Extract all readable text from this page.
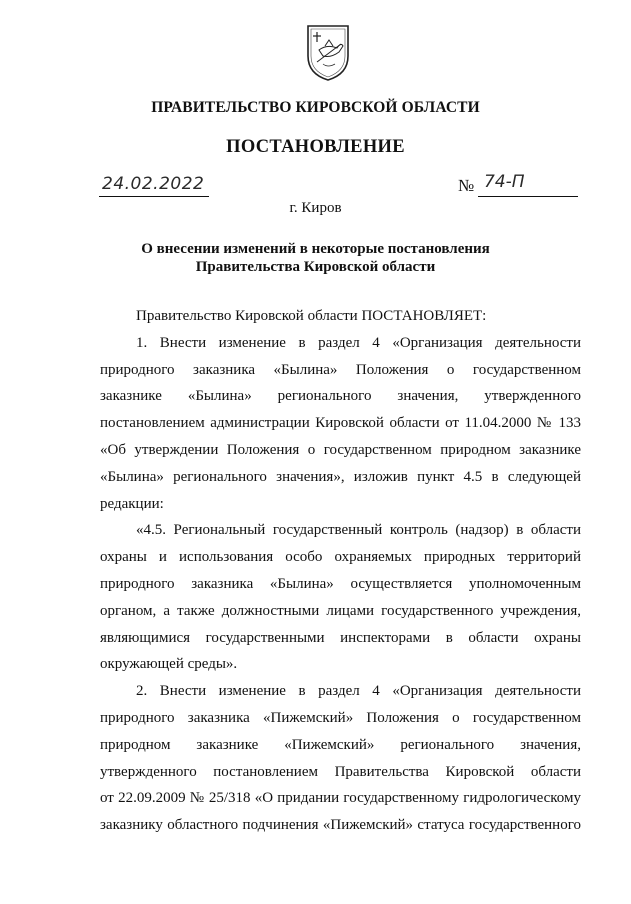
ПРАВИТЕЛЬСТВО КИРОВСКОЙ ОБЛАСТИ
ПОСТАНОВЛЕНИЕ
24.02.2022	№ 74-П
г. Киров
О внесении изменений в некоторые постановления
Правительства Кировской области
Правительство Кировской области ПОСТАНОВЛЯЕТ:
1. Внести изменение в раздел 4 «Организация деятельности
природного заказника «Былина» Положения о государственном
заказнике «Былина» регионального значения, утвержденного
постановлением администрации Кировской области от 11.04.2000 № 133
«Об утверждении Положения о государственном природном заказнике
«Былина» регионального значения», изложив пункт 4.5 в следующей
редакции:
«4.5. Региональный государственный контроль (надзор) в области
охраны и использования особо охраняемых природных территорий
природного заказника «Былина» осуществляется уполномоченным
органом, а также должностными лицами государственного учреждения,
являющимися государственными инспекторами в области охраны
окружающей среды».
2. Внести изменение в раздел 4 «Организация деятельности
природного заказника «Пижемский» Положения о государственном
природном заказнике «Пижемский» регионального значения,
утвержденного постановлением Правительства Кировской области
от 22.09.2009 № 25/318 «О придании государственному гидрологическому
заказнику областного подчинения «Пижемский» статуса государственного
